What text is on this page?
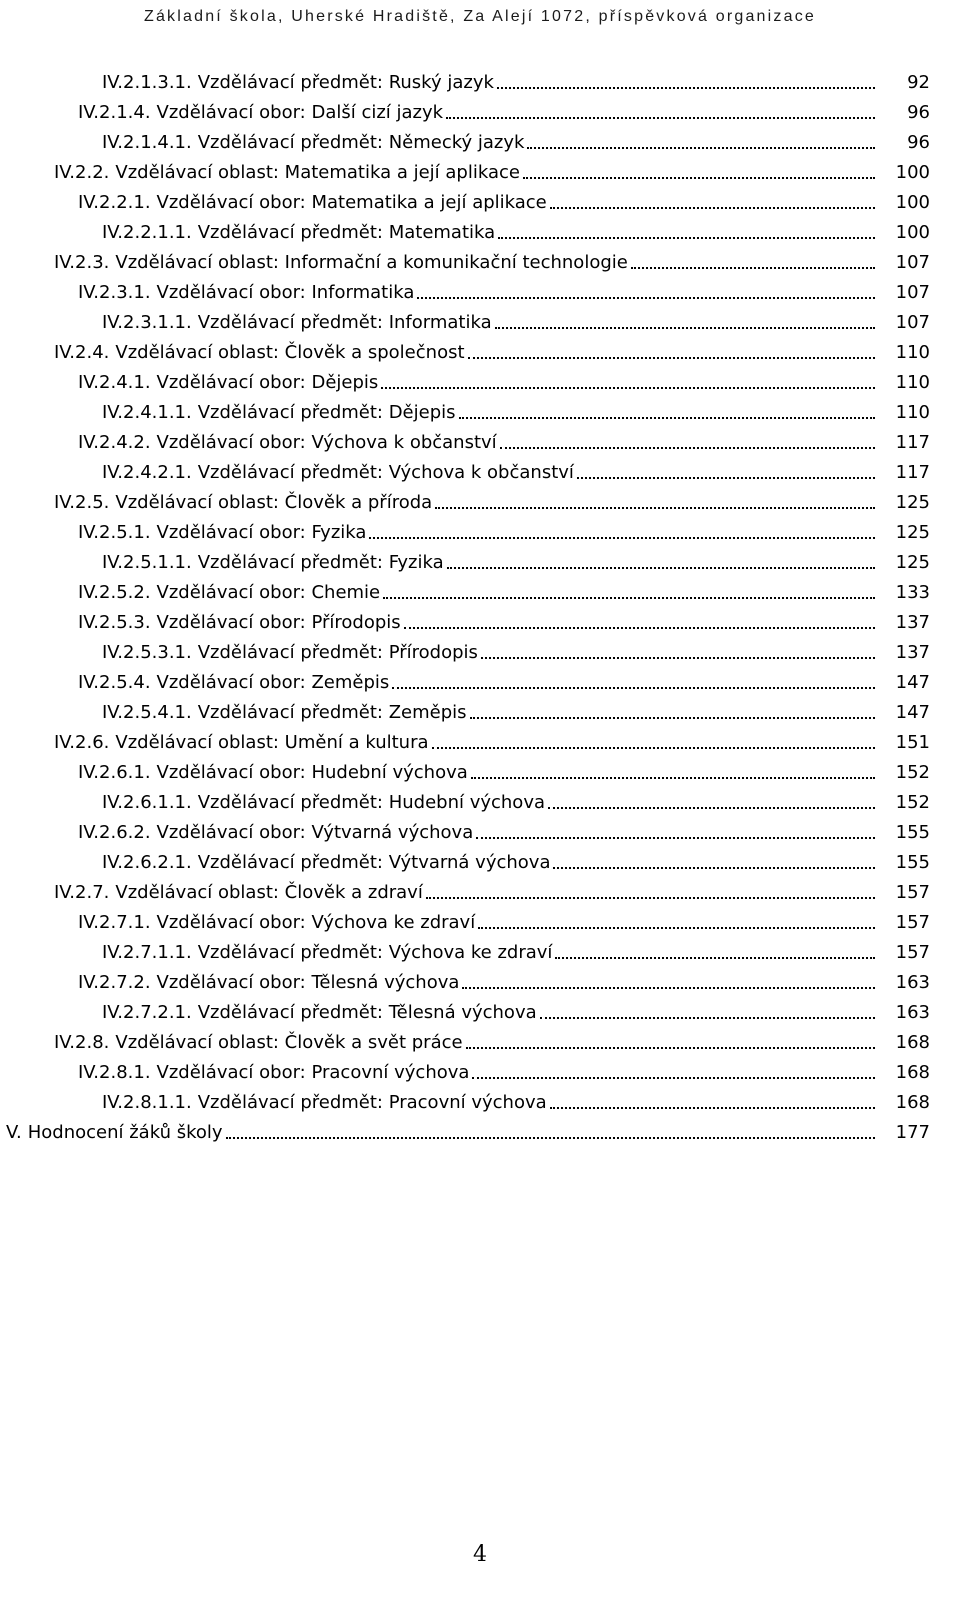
Základní škola, Uherské Hradiště, Za Alejí 1072, příspěvková organizace
IV.2.1.3.1. Vzdělávací předmět: Ruský jazyk	92
IV.2.1.4. Vzdělávací obor: Další cizí jazyk	96
IV.2.1.4.1. Vzdělávací předmět: Německý jazyk	96
IV.2.2. Vzdělávací oblast: Matematika a její aplikace	100
IV.2.2.1. Vzdělávací obor: Matematika a její aplikace	100
IV.2.2.1.1. Vzdělávací předmět: Matematika	100
IV.2.3. Vzdělávací oblast: Informační a komunikační technologie	107
IV.2.3.1. Vzdělávací obor: Informatika	107
IV.2.3.1.1. Vzdělávací předmět: Informatika	107
IV.2.4. Vzdělávací oblast: Člověk a společnost	110
IV.2.4.1. Vzdělávací obor: Dějepis	110
IV.2.4.1.1. Vzdělávací předmět: Dějepis	110
IV.2.4.2. Vzdělávací obor: Výchova k občanství	117
IV.2.4.2.1. Vzdělávací předmět: Výchova k občanství	117
IV.2.5. Vzdělávací oblast: Člověk a příroda	125
IV.2.5.1. Vzdělávací obor: Fyzika	125
IV.2.5.1.1. Vzdělávací předmět: Fyzika	125
IV.2.5.2. Vzdělávací obor: Chemie	133
IV.2.5.3. Vzdělávací obor: Přírodopis	137
IV.2.5.3.1. Vzdělávací předmět: Přírodopis	137
IV.2.5.4. Vzdělávací obor: Zeměpis	147
IV.2.5.4.1. Vzdělávací předmět: Zeměpis	147
IV.2.6. Vzdělávací oblast: Umění a kultura	151
IV.2.6.1. Vzdělávací obor: Hudební výchova	152
IV.2.6.1.1. Vzdělávací předmět: Hudební výchova	152
IV.2.6.2. Vzdělávací obor: Výtvarná výchova	155
IV.2.6.2.1. Vzdělávací předmět: Výtvarná výchova	155
IV.2.7. Vzdělávací oblast: Člověk a zdraví	157
IV.2.7.1. Vzdělávací obor: Výchova ke zdraví	157
IV.2.7.1.1. Vzdělávací předmět: Výchova ke zdraví	157
IV.2.7.2. Vzdělávací obor: Tělesná výchova	163
IV.2.7.2.1. Vzdělávací předmět: Tělesná výchova	163
IV.2.8. Vzdělávací oblast: Člověk a svět práce	168
IV.2.8.1. Vzdělávací obor: Pracovní výchova	168
IV.2.8.1.1. Vzdělávací předmět: Pracovní výchova	168
V. Hodnocení žáků školy	177
4
